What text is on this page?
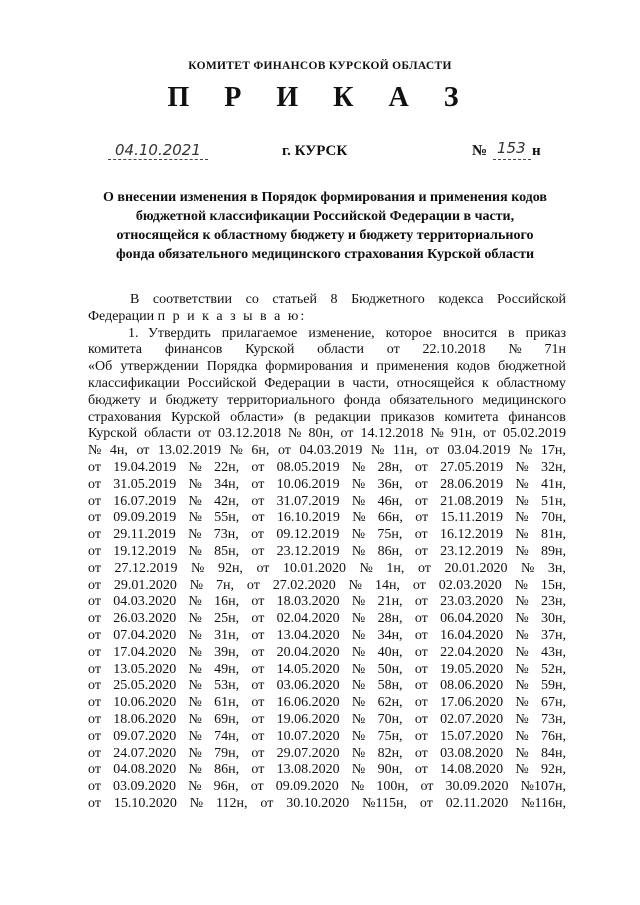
КОМИТЕТ ФИНАНСОВ КУРСКОЙ ОБЛАСТИ
П Р И К А З
04.10.2021	г. КУРСК	№ 153 н
О внесении изменения в Порядок формирования и применения кодов
бюджетной классификации Российской Федерации в части,
относящейся к областному бюджету и бюджету территориального
фонда обязательного медицинского страхования Курской области

В соответствии со статьей 8 Бюджетного кодекса Российской

Федерации п р и к а з ы в а ю:

1. Утвердить прилагаемое изменение, которое вносится в приказ
комитета финансов Курской области от 22.10.2018 № 71н
«Об утверждении Порядка формирования и применения кодов бюджетной
классификации Российской Федерации в части, относящейся к областному
бюджету и бюджету территориального фонда обязательного медицинского
страхования Курской области» (в редакции приказов комитета финансов
Курской области от 03.12.2018 № 80н, от 14.12.2018 № 91н, от 05.02.2019
№ 4н, от 13.02.2019 № 6н, от 04.03.2019 № 11н, от 03.04.2019 № 17н,
от 19.04.2019 № 22н, от 08.05.2019 № 28н, от 27.05.2019 № 32н,
от 31.05.2019 № 34н, от 10.06.2019 № 36н, от 28.06.2019 № 41н,
от 16.07.2019 № 42н, от 31.07.2019 № 46н, от 21.08.2019 № 51н,
от 09.09.2019 № 55н, от 16.10.2019 № 66н, от 15.11.2019 № 70н,
от 29.11.2019 № 73н, от 09.12.2019 № 75н, от 16.12.2019 № 81н,
от 19.12.2019 № 85н, от 23.12.2019 № 86н, от 23.12.2019 № 89н,
от 27.12.2019 № 92н, от 10.01.2020 № 1н, от 20.01.2020 № 3н,
от 29.01.2020 № 7н, от 27.02.2020 № 14н, от 02.03.2020 № 15н,
от 04.03.2020 № 16н, от 18.03.2020 № 21н, от 23.03.2020 № 23н,
от 26.03.2020 № 25н, от 02.04.2020 № 28н, от 06.04.2020 № 30н,
от 07.04.2020 № 31н, от 13.04.2020 № 34н, от 16.04.2020 № 37н,
от 17.04.2020 № 39н, от 20.04.2020 № 40н, от 22.04.2020 № 43н,
от 13.05.2020 № 49н, от 14.05.2020 № 50н, от 19.05.2020 № 52н,
от 25.05.2020 № 53н, от 03.06.2020 № 58н, от 08.06.2020 № 59н,
от 10.06.2020 № 61н, от 16.06.2020 № 62н, от 17.06.2020 № 67н,
от 18.06.2020 № 69н, от 19.06.2020 № 70н, от 02.07.2020 № 73н,
от 09.07.2020 № 74н, от 10.07.2020 № 75н, от 15.07.2020 № 76н,
от 24.07.2020 № 79н, от 29.07.2020 № 82н, от 03.08.2020 № 84н,
от 04.08.2020 № 86н, от 13.08.2020 № 90н, от 14.08.2020 № 92н,
от 03.09.2020 № 96н, от 09.09.2020 № 100н, от 30.09.2020 №107н,
от 15.10.2020 № 112н, от 30.10.2020 №115н, от 02.11.2020 №116н,
